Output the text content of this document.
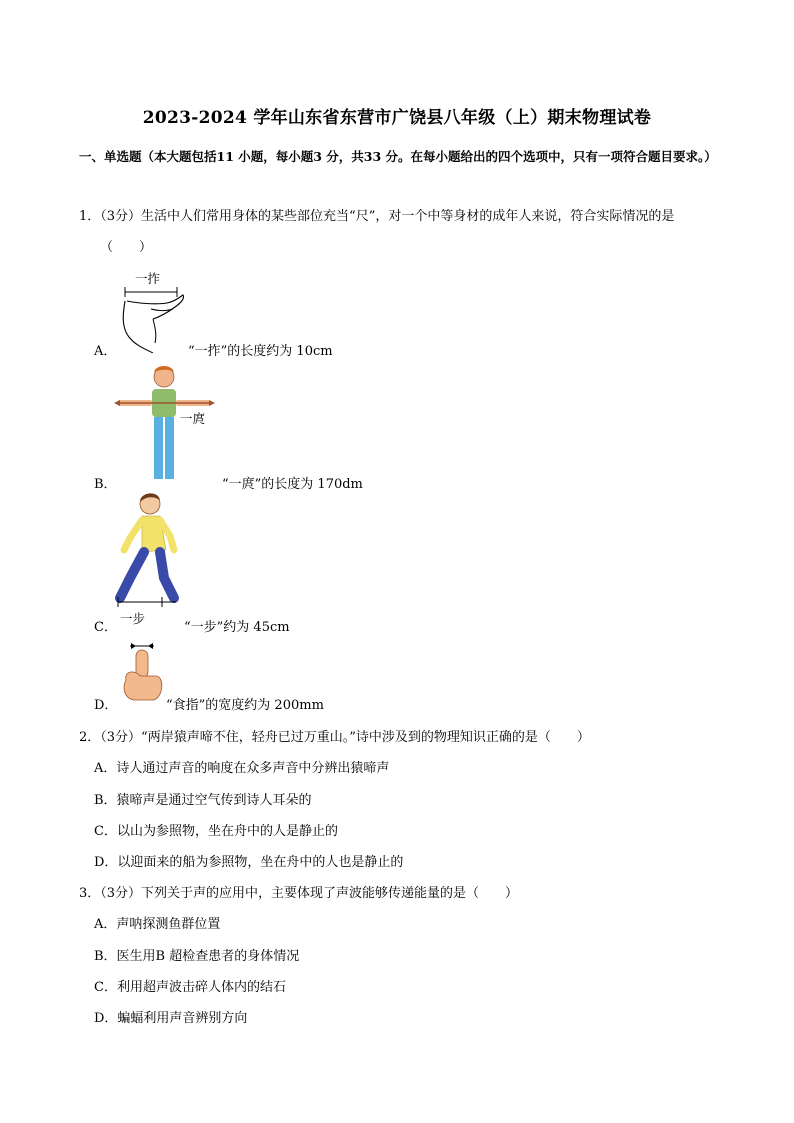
2023-2024 学年山东省东营市广饶县八年级（上）期末物理试卷
一、单选题（本大题包括11 小题，每小题3 分，共33 分。在每小题给出的四个选项中，只有一项符合题目要求。）
1．（3分）生活中人们常用身体的某些部位充当“尺”，对一个中等身材的成年人来说，符合实际情况的是
（　　）
一拃
A．	“一拃”的长度约为 10cm
一庹
B．	“一庹”的长度为 170dm
一步
C．	“一步”约为 45cm
D．	“食指”的宽度约为 200mm
2．（3分）“两岸猿声啼不住，轻舟已过万重山。”诗中涉及到的物理知识正确的是（　　）
A．诗人通过声音的响度在众多声音中分辨出猿啼声
B．猿啼声是通过空气传到诗人耳朵的
C．以山为参照物，坐在舟中的人是静止的
D．以迎面来的船为参照物，坐在舟中的人也是静止的
3．（3分）下列关于声的应用中，主要体现了声波能够传递能量的是（　　）
A．声呐探测鱼群位置
B．医生用B 超检查患者的身体情况
C．利用超声波击碎人体内的结石
D．蝙蝠利用声音辨别方向
